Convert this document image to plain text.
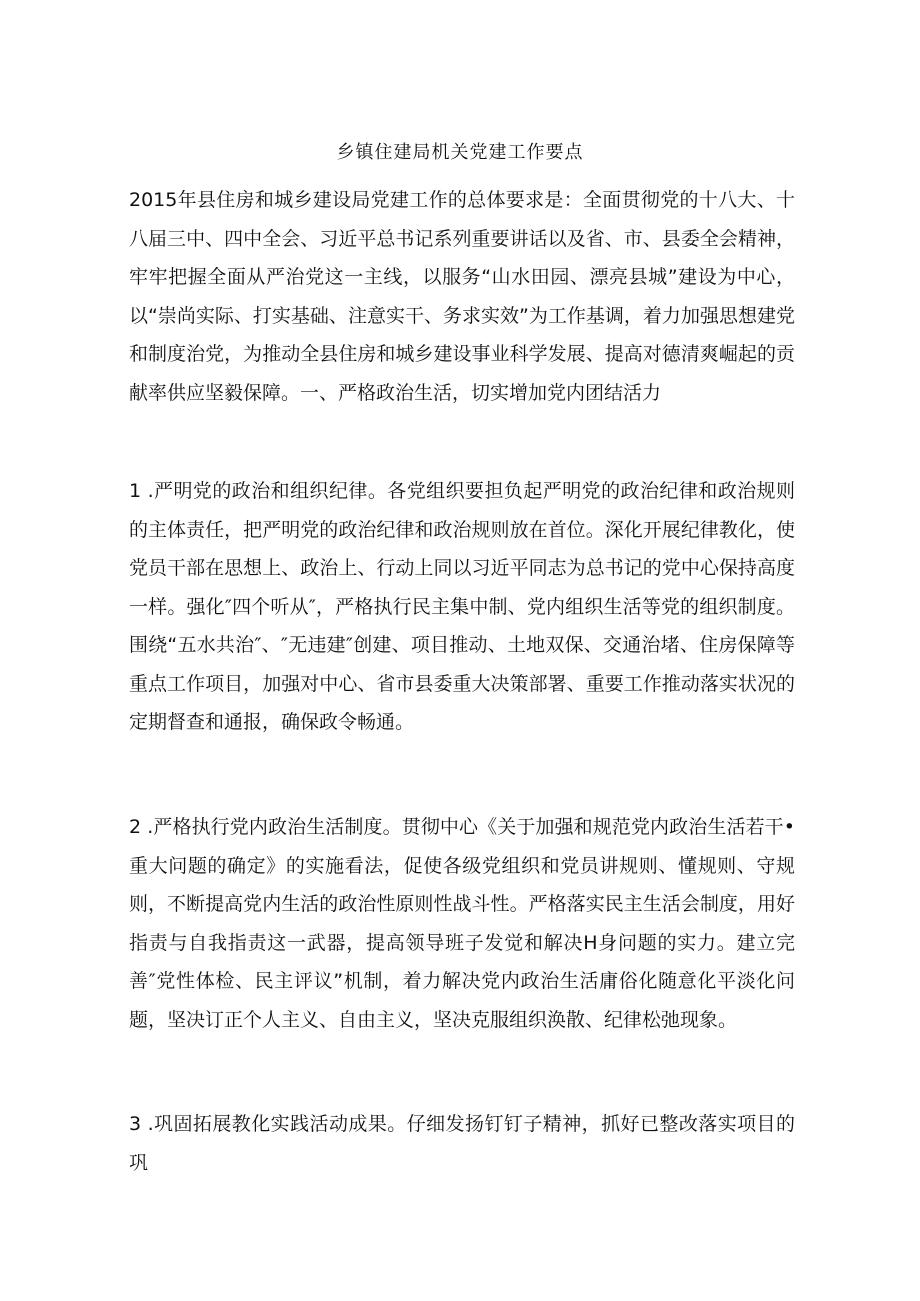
乡镇住建局机关党建工作要点

2015年县住房和城乡建设局党建工作的总体要求是：全面贯彻党的十八大、十八届三中、四中全会、习近平总书记系列重要讲话以及省、市、县委全会精神，牢牢把握全面从严治党这一主线，以服务“山水田园、漂亮县城”建设为中心，以“崇尚实际、打实基础、注意实干、务求实效”为工作基调，着力加强思想建党和制度治党，为推动全县住房和城乡建设事业科学发展、提高对德清爽崛起的贡献率供应坚毅保障。一、严格政治生活，切实增加党内团结活力

1 .严明党的政治和组织纪律。各党组织要担负起严明党的政治纪律和政治规则的主体责任，把严明党的政治纪律和政治规则放在首位。深化开展纪律教化，使党员干部在思想上、政治上、行动上同以习近平同志为总书记的党中心保持高度一样。强化″四个听从″，严格执行民主集中制、党内组织生活等党的组织制度。围绕“五水共治″、″无违建″创建、项目推动、土地双保、交通治堵、住房保障等重点工作项目，加强对中心、省市县委重大决策部署、重要工作推动落实状况的定期督查和通报，确保政令畅通。

2 .严格执行党内政治生活制度。贯彻中心《关于加强和规范党内政治生活若干•重大问题的确定》的实施看法，促使各级党组织和党员讲规则、懂规则、守规则，不断提高党内生活的政治性原则性战斗性。严格落实民主生活会制度，用好指责与自我指责这一武器，提高领导班子发觉和解决H身问题的实力。建立完善″党性体检、民主评议”机制，着力解决党内政治生活庸俗化随意化平淡化问题，坚决订正个人主义、自由主义，坚决克服组织涣散、纪律松弛现象。

3 .巩固拓展教化实践活动成果。仔细发扬钉钉子精神，抓好已整改落实项目的巩
